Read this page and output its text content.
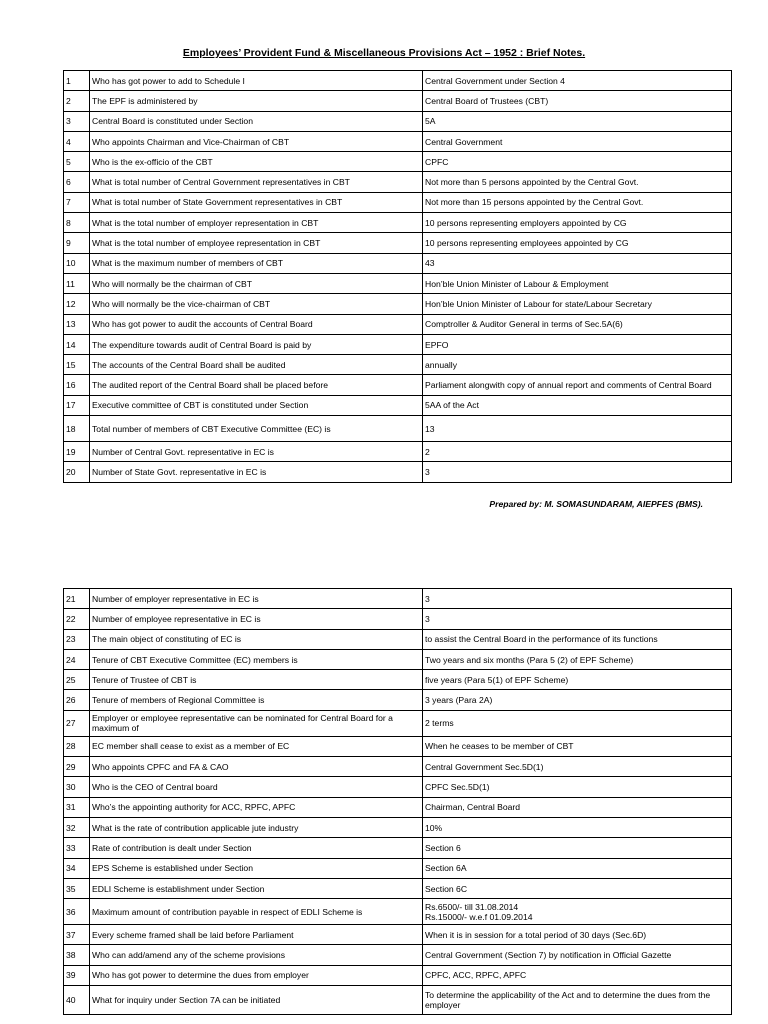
Employees’ Provident Fund & Miscellaneous Provisions Act – 1952 : Brief Notes.
1	Who has got power to add to Schedule I	Central Government under Section 4
2	The EPF is administered by	Central Board of Trustees (CBT)
3	Central Board is constituted under Section	5A
4	Who appoints Chairman and Vice-Chairman of CBT	Central Government
5	Who is the ex-officio of the CBT	CPFC
6	What is total number of Central Government representatives in CBT	Not more than 5 persons appointed by the Central Govt.
7	What is total number of State Government representatives in CBT	Not more than 15 persons appointed by the Central Govt.
8	What is the total number of employer representation in CBT	10 persons representing employers appointed by CG
9	What is the total number of employee representation in CBT	10 persons representing employees appointed by CG
10	What is the maximum number of members of CBT	43
11	Who will normally be the chairman of CBT	Hon’ble Union Minister of Labour & Employment
12	Who will normally be the vice-chairman of CBT	Hon’ble Union Minister of Labour for state/Labour Secretary
13	Who has got power to audit the accounts of Central Board	Comptroller & Auditor General in terms of Sec.5A(6)
14	The expenditure towards audit of Central Board is paid by	EPFO
15	The accounts of the Central Board shall be audited	annually
16	The audited report of the Central Board shall be placed before	Parliament alongwith copy of annual report and comments of Central Board
17	Executive committee of CBT is constituted under Section	5AA of the Act
18	Total number of members of CBT Executive Committee (EC) is	13
19	Number of Central Govt. representative in EC is	2
20	Number of State Govt. representative in EC is	3
Prepared by: M. SOMASUNDARAM, AIEPFES (BMS).
21	Number of employer representative in EC is	3
22	Number of employee representative in EC is	3
23	The main object of constituting of EC is	to assist the Central Board in the performance of its functions
24	Tenure of CBT Executive Committee (EC) members is	Two years and six months (Para 5 (2) of EPF Scheme)
25	Tenure of Trustee of CBT is	five years (Para 5(1) of EPF Scheme)
26	Tenure of members of Regional Committee is	3 years (Para 2A)
27	Employer or employee representative can be nominated for Central Board for a maximum of	2 terms
28	EC member shall cease to exist as a member of EC	When he ceases to be member of CBT
29	Who appoints CPFC and FA & CAO	Central Government Sec.5D(1)
30	Who is the CEO of Central board	CPFC Sec.5D(1)
31	Who’s the appointing authority for ACC, RPFC, APFC	Chairman, Central Board
32	What is the rate of contribution applicable jute industry	10%
33	Rate of contribution is dealt under Section	Section 6
34	EPS Scheme is established under Section	Section 6A
35	EDLI Scheme is establishment under Section	Section 6C
36	Maximum amount of contribution payable in respect of EDLI Scheme is	Rs.6500/- till 31.08.2014
Rs.15000/- w.e.f 01.09.2014

37	Every scheme framed shall be laid before Parliament	When it is in session for a total period of 30 days (Sec.6D)
38	Who can add/amend any of the scheme provisions	Central Government (Section 7) by notification in Official Gazette
39	Who has got power to determine the dues from employer	CPFC, ACC, RPFC, APFC
40	What for inquiry under Section 7A can be initiated	To determine the applicability of the Act and to determine the dues from the employer
